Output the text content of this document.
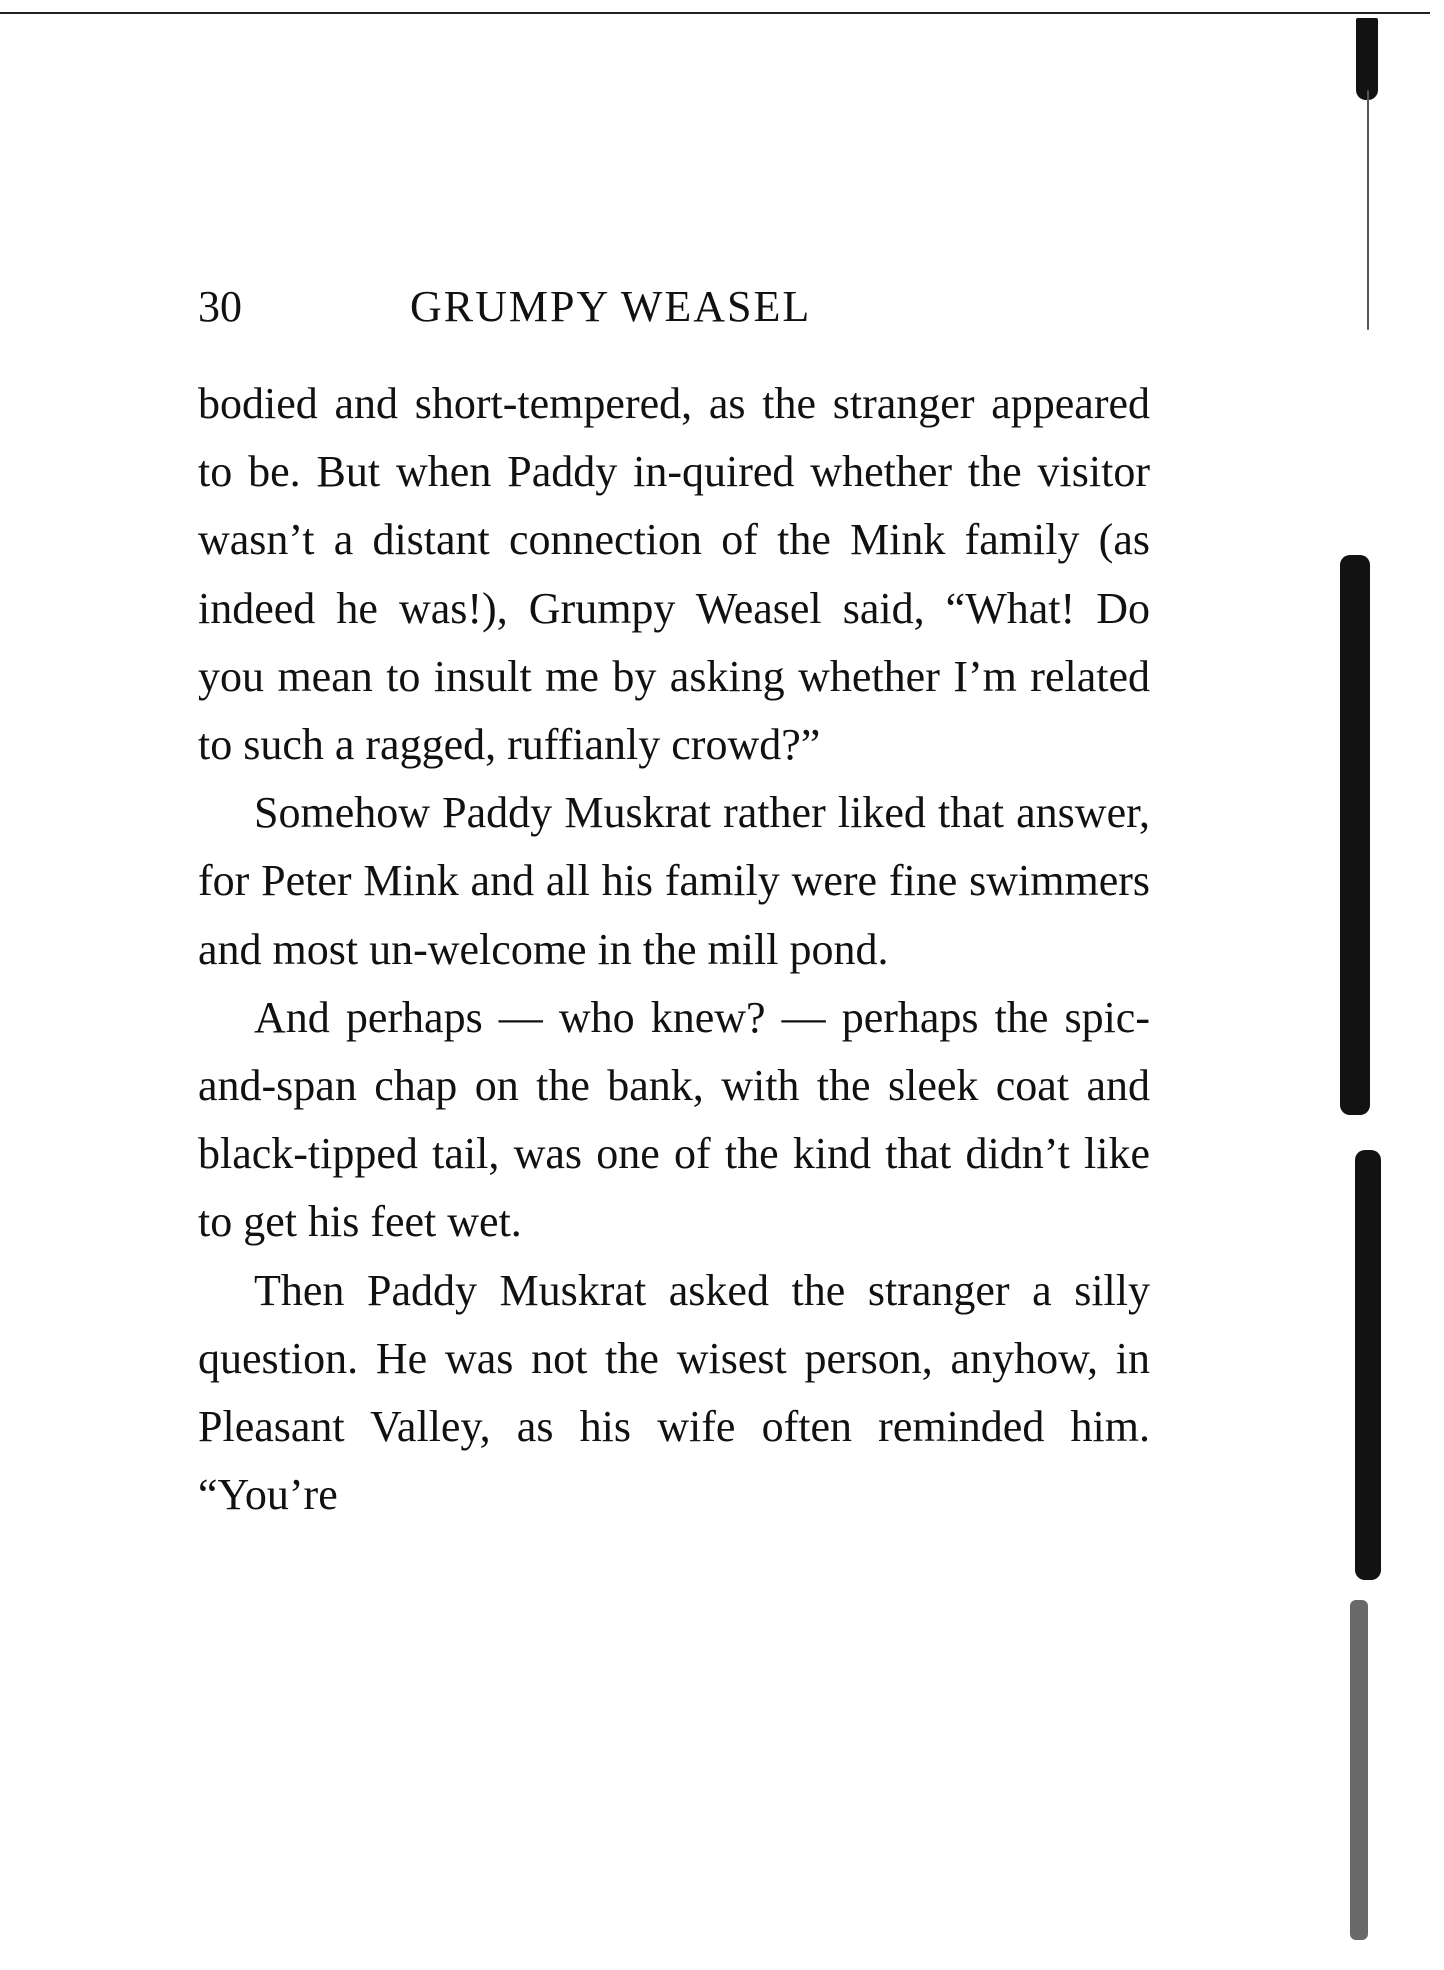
30	GRUMPY WEASEL

bodied and short-tempered, as the stranger appeared to be. But when Paddy in-quired whether the visitor wasn’t a distant connection of the Mink family (as indeed he was!), Grumpy Weasel said, “What! Do you mean to insult me by asking whether I’m related to such a ragged, ruffianly crowd?”

Somehow Paddy Muskrat rather liked that answer, for Peter Mink and all his family were fine swimmers and most un-welcome in the mill pond.

And perhaps — who knew? — perhaps the spic-and-span chap on the bank, with the sleek coat and black-tipped tail, was one of the kind that didn’t like to get his feet wet.

Then Paddy Muskrat asked the stranger a silly question. He was not the wisest person, anyhow, in Pleasant Valley, as his wife often reminded him. “You’re
